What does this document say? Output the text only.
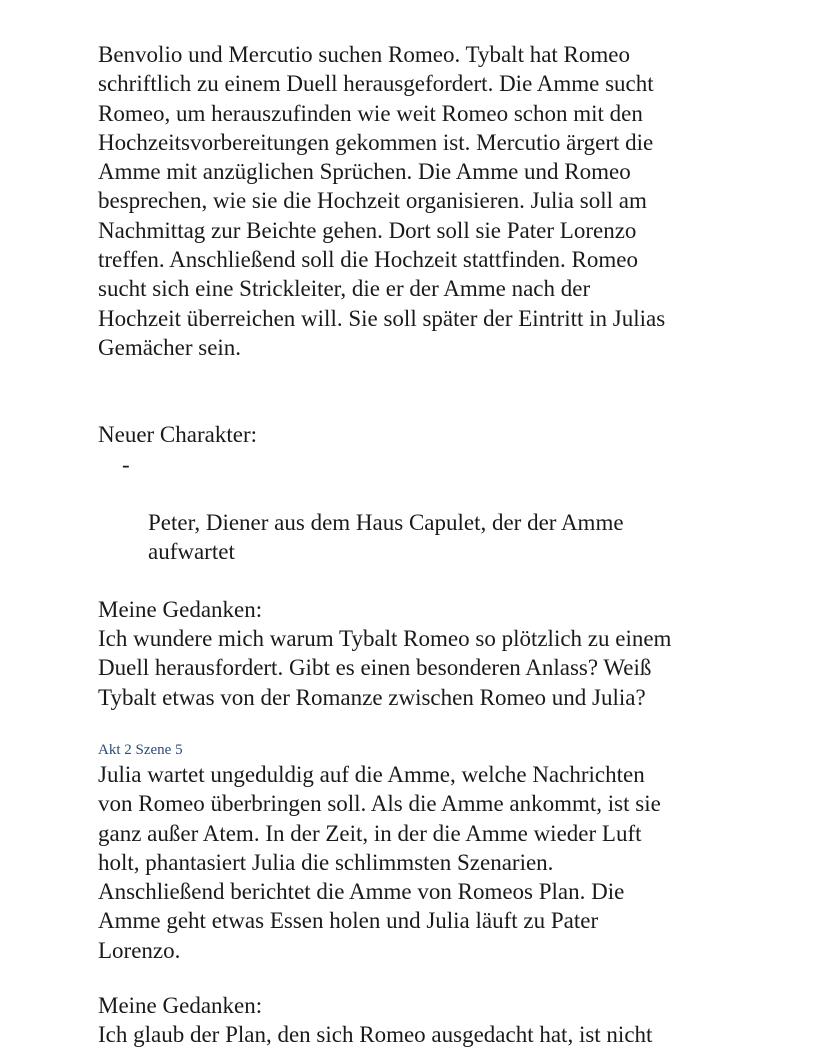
Benvolio und Mercutio suchen Romeo. Tybalt hat Romeo
schriftlich zu einem Duell herausgefordert. Die Amme sucht
Romeo, um herauszufinden wie weit Romeo schon mit den
Hochzeitsvorbereitungen gekommen ist. Mercutio ärgert die
Amme mit anzüglichen Sprüchen. Die Amme und Romeo
besprechen, wie sie die Hochzeit organisieren. Julia soll am
Nachmittag zur Beichte gehen. Dort soll sie Pater Lorenzo
treffen. Anschließend soll die Hochzeit stattfinden. Romeo
sucht sich eine Strickleiter, die er der Amme nach der
Hochzeit überreichen will. Sie soll später der Eintritt in Julias
Gemächer sein.

Neuer Charakter:

-

Peter, Diener aus dem Haus Capulet, der der Amme
aufwartet

Meine Gedanken:

Ich wundere mich warum Tybalt Romeo so plötzlich zu einem
Duell herausfordert. Gibt es einen besonderen Anlass? Weiß
Tybalt etwas von der Romanze zwischen Romeo und Julia?

Akt 2 Szene 5

Julia wartet ungeduldig auf die Amme, welche Nachrichten
von Romeo überbringen soll. Als die Amme ankommt, ist sie
ganz außer Atem. In der Zeit, in der die Amme wieder Luft
holt, phantasiert Julia die schlimmsten Szenarien.
Anschließend berichtet die Amme von Romeos Plan. Die
Amme geht etwas Essen holen und Julia läuft zu Pater
Lorenzo.

Meine Gedanken:

Ich glaub der Plan, den sich Romeo ausgedacht hat, ist nicht
